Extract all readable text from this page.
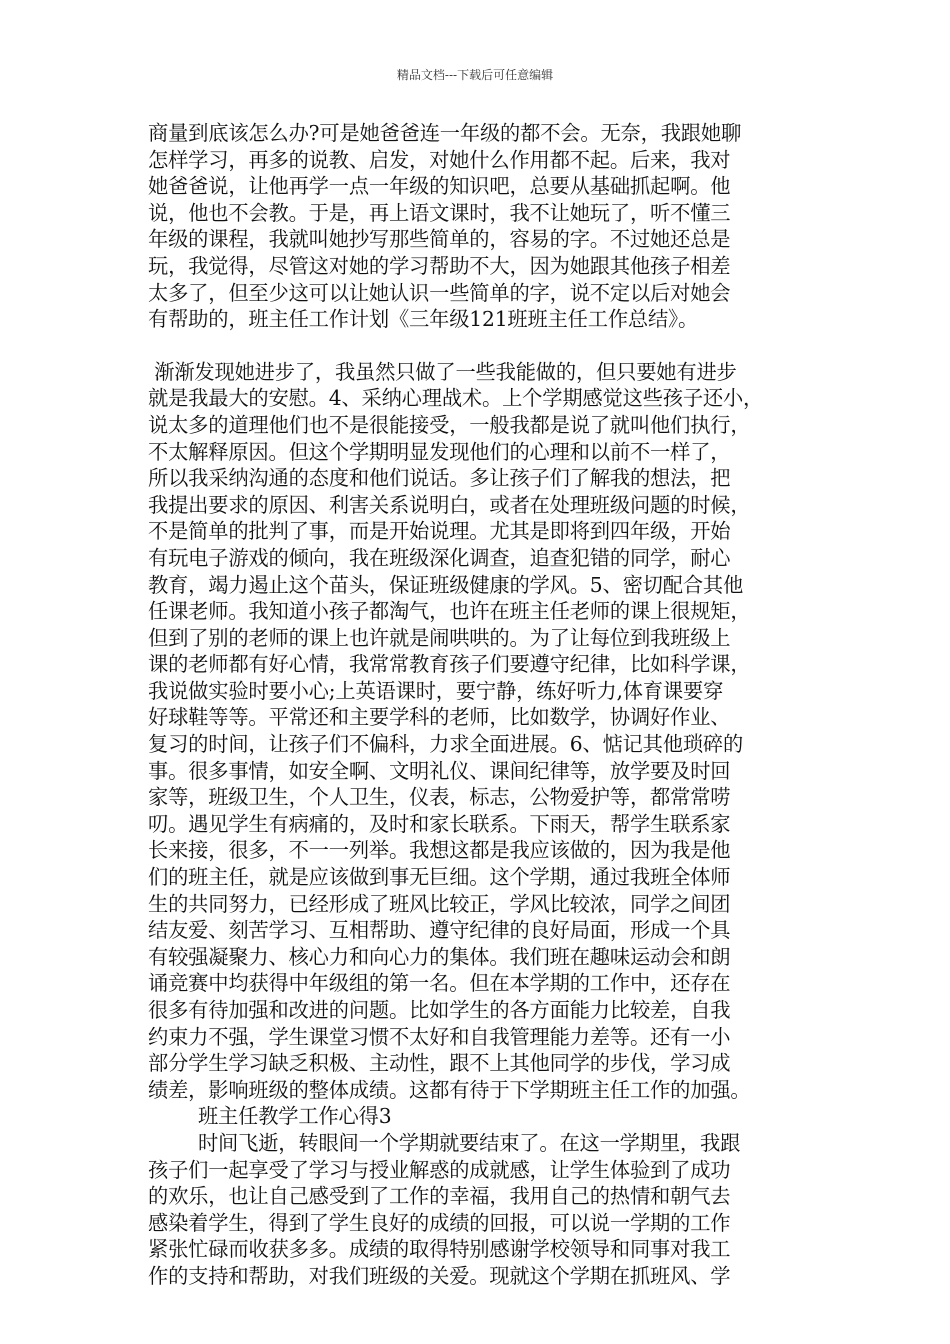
精品文档---下载后可任意编辑
商量到底该怎么办?可是她爸爸连一年级的都不会。无奈，我跟她聊
怎样学习，再多的说教、启发，对她什么作用都不起。后来，我对
她爸爸说，让他再学一点一年级的知识吧，总要从基础抓起啊。他
说，他也不会教。于是，再上语文课时，我不让她玩了，听不懂三
年级的课程，我就叫她抄写那些简单的，容易的字。不过她还总是
玩，我觉得，尽管这对她的学习帮助不大，因为她跟其他孩子相差
太多了，但至少这可以让她认识一些简单的字，说不定以后对她会
有帮助的，班主任工作计划《三年级121班班主任工作总结》。
渐渐发现她进步了，我虽然只做了一些我能做的，但只要她有进步
就是我最大的安慰。4、采纳心理战术。上个学期感觉这些孩子还小，
说太多的道理他们也不是很能接受，一般我都是说了就叫他们执行，
不太解释原因。但这个学期明显发现他们的心理和以前不一样了，
所以我采纳沟通的态度和他们说话。多让孩子们了解我的想法，把
我提出要求的原因、利害关系说明白，或者在处理班级问题的时候，
不是简单的批判了事，而是开始说理。尤其是即将到四年级，开始
有玩电子游戏的倾向，我在班级深化调查，追查犯错的同学，耐心
教育，竭力遏止这个苗头，保证班级健康的学风。5、密切配合其他
任课老师。我知道小孩子都淘气，也许在班主任老师的课上很规矩，
但到了别的老师的课上也许就是闹哄哄的。为了让每位到我班级上
课的老师都有好心情，我常常教育孩子们要遵守纪律，比如科学课，
我说做实验时要小心;上英语课时，要宁静，练好听力,体育课要穿
好球鞋等等。平常还和主要学科的老师，比如数学，协调好作业、
复习的时间，让孩子们不偏科，力求全面进展。6、惦记其他琐碎的
事。很多事情，如安全啊、文明礼仪、课间纪律等，放学要及时回
家等，班级卫生，个人卫生，仪表，标志，公物爱护等，都常常唠
叨。遇见学生有病痛的，及时和家长联系。下雨天，帮学生联系家
长来接，很多，不一一列举。我想这都是我应该做的，因为我是他
们的班主任，就是应该做到事无巨细。这个学期，通过我班全体师
生的共同努力，已经形成了班风比较正，学风比较浓，同学之间团
结友爱、刻苦学习、互相帮助、遵守纪律的良好局面，形成一个具
有较强凝聚力、核心力和向心力的集体。我们班在趣味运动会和朗
诵竞赛中均获得中年级组的第一名。但在本学期的工作中，还存在
很多有待加强和改进的问题。比如学生的各方面能力比较差，自我
约束力不强，学生课堂习惯不太好和自我管理能力差等。还有一小
部分学生学习缺乏积极、主动性，跟不上其他同学的步伐，学习成
绩差，影响班级的整体成绩。这都有待于下学期班主任工作的加强。
班主任教学工作心得3
时间飞逝，转眼间一个学期就要结束了。在这一学期里，我跟
孩子们一起享受了学习与授业解惑的成就感，让学生体验到了成功
的欢乐，也让自己感受到了工作的幸福，我用自己的热情和朝气去
感染着学生，得到了学生良好的成绩的回报，可以说一学期的工作
紧张忙碌而收获多多。成绩的取得特别感谢学校领导和同事对我工
作的支持和帮助，对我们班级的关爱。现就这个学期在抓班风、学
